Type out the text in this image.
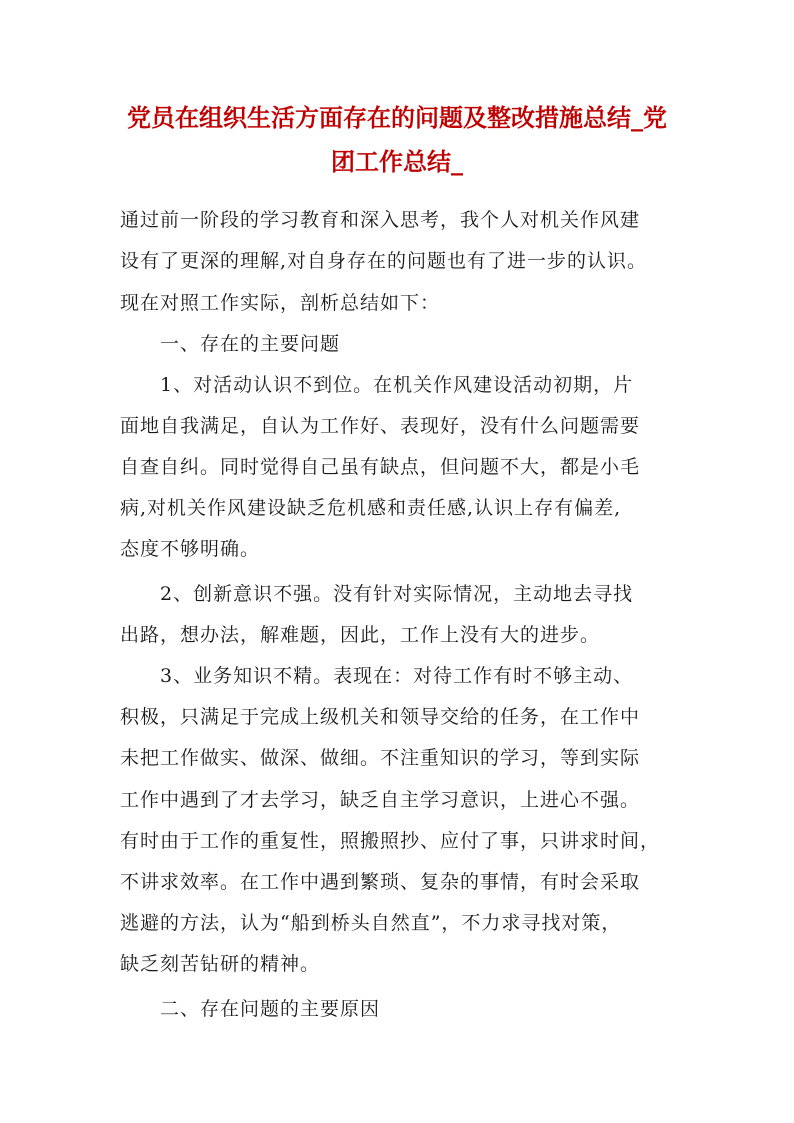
党员在组织生活方面存在的问题及整改措施总结_党
团工作总结_
通过前一阶段的学习教育和深入思考，我个人对机关作风建
设有了更深的理解,对自身存在的问题也有了进一步的认识。
现在对照工作实际，剖析总结如下：
一、存在的主要问题
1、对活动认识不到位。在机关作风建设活动初期，片
面地自我满足，自认为工作好、表现好，没有什么问题需要
自查自纠。同时觉得自己虽有缺点，但问题不大，都是小毛
病,对机关作风建设缺乏危机感和责任感,认识上存有偏差,
态度不够明确。
2、创新意识不强。没有针对实际情况，主动地去寻找
出路，想办法，解难题，因此，工作上没有大的进步。
3、业务知识不精。表现在：对待工作有时不够主动、
积极，只满足于完成上级机关和领导交给的任务，在工作中
未把工作做实、做深、做细。不注重知识的学习，等到实际
工作中遇到了才去学习，缺乏自主学习意识，上进心不强。
有时由于工作的重复性，照搬照抄、应付了事，只讲求时间，
不讲求效率。在工作中遇到繁琐、复杂的事情，有时会采取
逃避的方法，认为“船到桥头自然直”，不力求寻找对策，
缺乏刻苦钻研的精神。
二、存在问题的主要原因
